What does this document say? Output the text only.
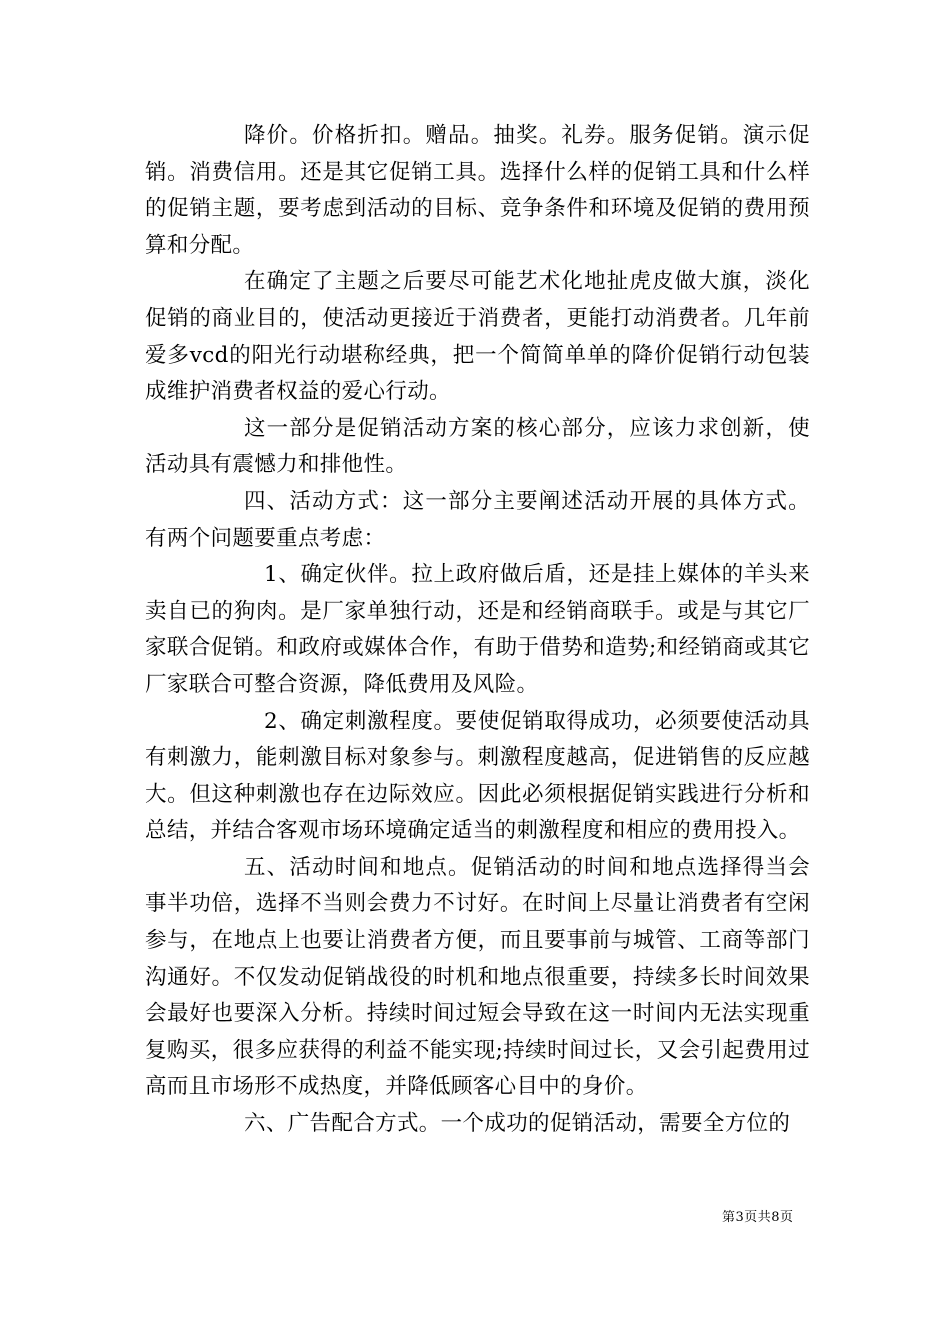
降价。价格折扣。赠品。抽奖。礼券。服务促销。演示促销。消费信用。还是其它促销工具。选择什么样的促销工具和什么样的促销主题，要考虑到活动的目标、竞争条件和环境及促销的费用预算和分配。

在确定了主题之后要尽可能艺术化地扯虎皮做大旗，淡化促销的商业目的，使活动更接近于消费者，更能打动消费者。几年前爱多vcd的阳光行动堪称经典，把一个简简单单的降价促销行动包装成维护消费者权益的爱心行动。

这一部分是促销活动方案的核心部分，应该力求创新，使活动具有震憾力和排他性。

四、活动方式：这一部分主要阐述活动开展的具体方式。有两个问题要重点考虑：

1、确定伙伴。拉上政府做后盾，还是挂上媒体的羊头来卖自已的狗肉。是厂家单独行动，还是和经销商联手。或是与其它厂家联合促销。和政府或媒体合作，有助于借势和造势;和经销商或其它厂家联合可整合资源，降低费用及风险。

2、确定刺激程度。要使促销取得成功，必须要使活动具有刺激力，能刺激目标对象参与。刺激程度越高，促进销售的反应越大。但这种刺激也存在边际效应。因此必须根据促销实践进行分析和总结，并结合客观市场环境确定适当的刺激程度和相应的费用投入。

五、活动时间和地点。促销活动的时间和地点选择得当会事半功倍，选择不当则会费力不讨好。在时间上尽量让消费者有空闲参与，在地点上也要让消费者方便，而且要事前与城管、工商等部门沟通好。不仅发动促销战役的时机和地点很重要，持续多长时间效果会最好也要深入分析。持续时间过短会导致在这一时间内无法实现重复购买，很多应获得的利益不能实现;持续时间过长，又会引起费用过高而且市场形不成热度，并降低顾客心目中的身价。

六、广告配合方式。一个成功的促销活动，需要全方位的

第3页共8页
